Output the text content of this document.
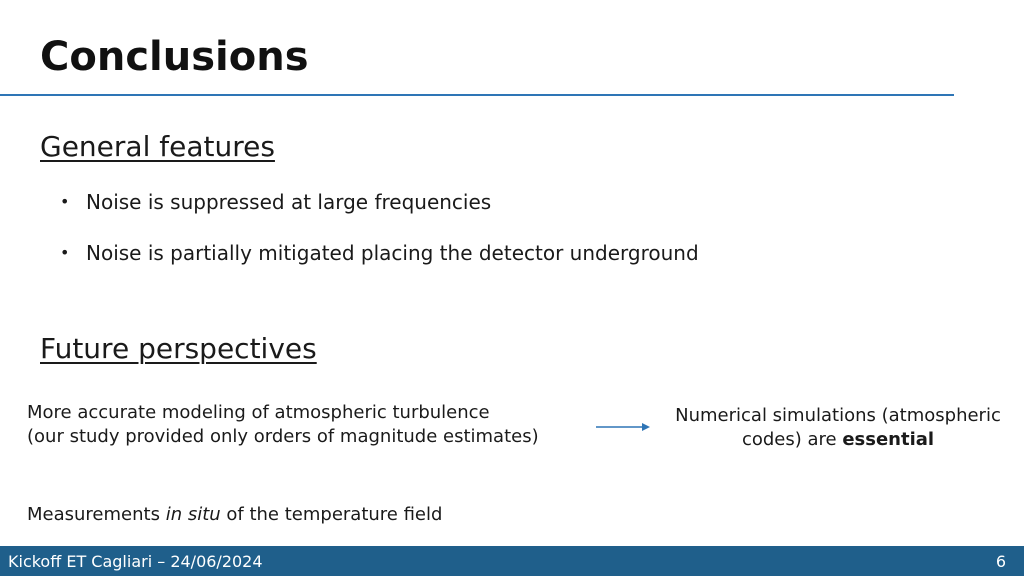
Conclusions
General features
• Noise is suppressed at large frequencies
• Noise is partially mitigated placing the detector underground
Future perspectives
More accurate modeling of atmospheric turbulence
(our study provided only orders of magnitude estimates)
Numerical simulations (atmospheric
codes) are essential
Measurements in situ of the temperature field
Kickoff ET Cagliari – 24/06/2024	6
